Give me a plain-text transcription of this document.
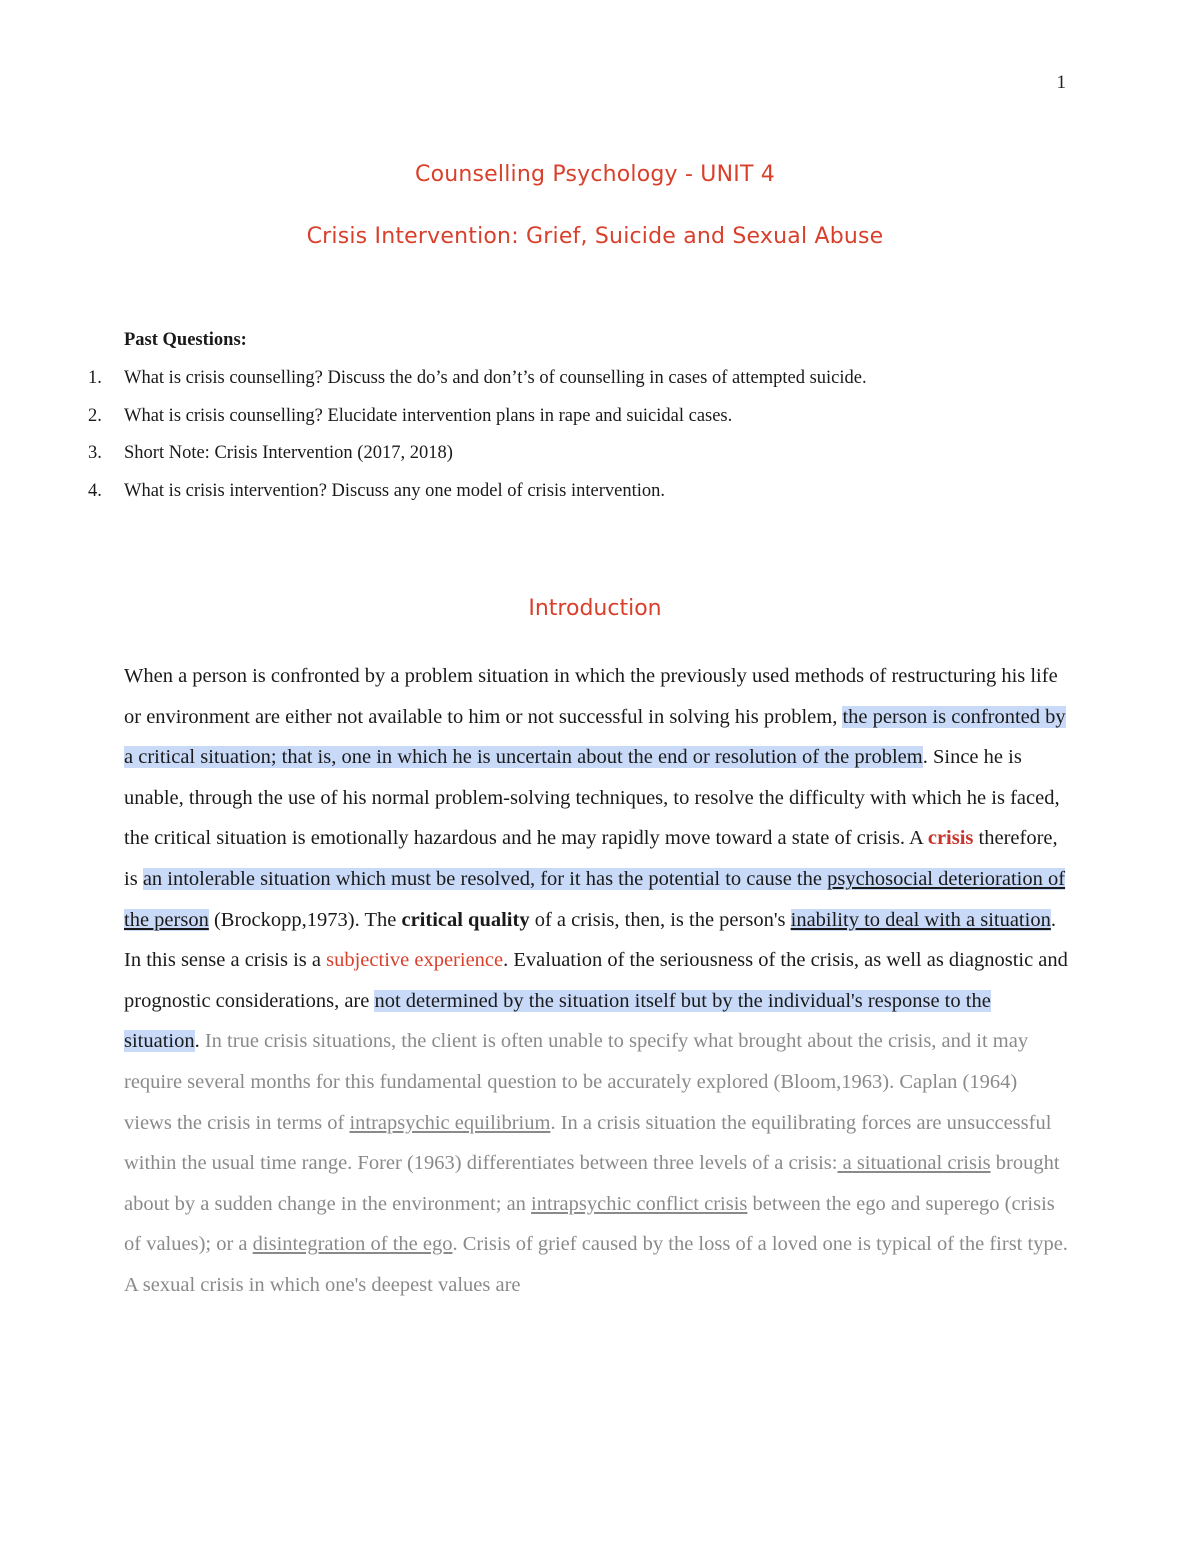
1
Counselling Psychology - UNIT 4
Crisis Intervention: Grief, Suicide and Sexual Abuse
Past Questions:
1.	What is crisis counselling? Discuss the do’s and don’t’s of counselling in cases of attempted suicide.
2.	What is crisis counselling? Elucidate intervention plans in rape and suicidal cases.
3.	Short Note: Crisis Intervention (2017, 2018)
4.	What is crisis intervention? Discuss any one model of crisis intervention.
Introduction

When a person is confronted by a problem situation in which the previously used methods of restructuring his life or environment are either not available to him or not successful in solving his problem, the person is confronted by a critical situation; that is, one in which he is uncertain about the end or resolution of the problem. Since he is unable, through the use of his normal problem-solving techniques, to resolve the difficulty with which he is faced, the critical situation is emotionally hazardous and he may rapidly move toward a state of crisis. A crisis therefore, is an intolerable situation which must be resolved, for it has the potential to cause the psychosocial deterioration of the person (Brockopp,1973). The critical quality of a crisis, then, is the person's inability to deal with a situation. In this sense a crisis is a subjective experience. Evaluation of the seriousness of the crisis, as well as diagnostic and prognostic considerations, are not determined by the situation itself but by the individual's response to the situation. In true crisis situations, the client is often unable to specify what brought about the crisis, and it may require several months for this fundamental question to be accurately explored (Bloom,1963). Caplan (1964) views the crisis in terms of intrapsychic equilibrium. In a crisis situation the equilibrating forces are unsuccessful within the usual time range. Forer (1963) differentiates between three levels of a crisis: a situational crisis brought about by a sudden change in the environment; an intrapsychic conflict crisis between the ego and superego (crisis of values); or a disintegration of the ego. Crisis of grief caused by the loss of a loved one is typical of the first type. A sexual crisis in which one's deepest values are
